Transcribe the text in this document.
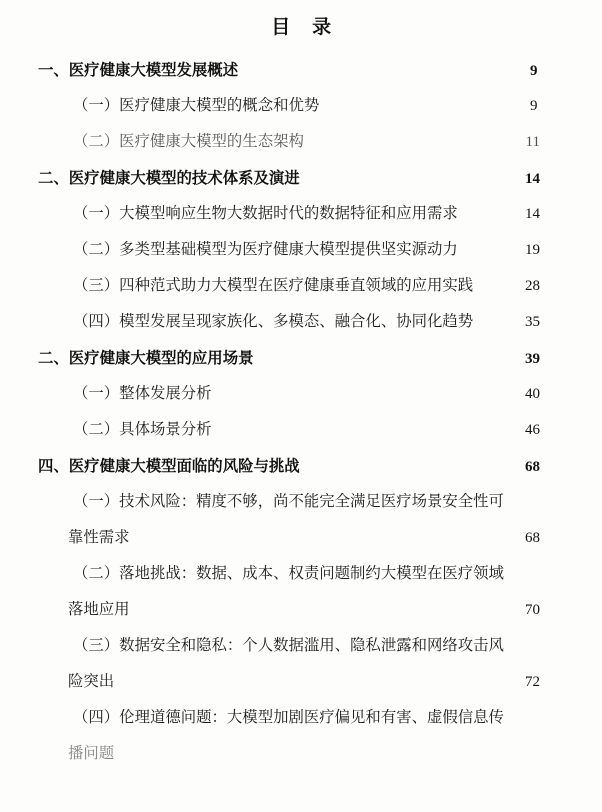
目 录
一、医疗健康大模型发展概述 .....	9
（一）医疗健康大模型的概念和优势 .....	9
（二）医疗健康大模型的生态架构 .....	11
二、医疗健康大模型的技术体系及演进 .....	14
（一）大模型响应生物大数据时代的数据特征和应用需求 .....	14
（二）多类型基础模型为医疗健康大模型提供坚实源动力 .....	19
（三）四种范式助力大模型在医疗健康垂直领域的应用实践 .....	28
（四）模型发展呈现家族化、多模态、融合化、协同化趋势 .....	35
二、医疗健康大模型的应用场景 .....	39
（一）整体发展分析 .....	40
（二）具体场景分析 .....	46
四、医疗健康大模型面临的风险与挑战 .....	68
（一）技术风险：精度不够，尚不能完全满足医疗场景安全性可
靠性需求 .....	68
（二）落地挑战：数据、成本、权责问题制约大模型在医疗领域
落地应用 .....	70
（三）数据安全和隐私：个人数据滥用、隐私泄露和网络攻击风
险突出 .....	72
（四）伦理道德问题：大模型加剧医疗偏见和有害、虚假信息传
播问题
.....
